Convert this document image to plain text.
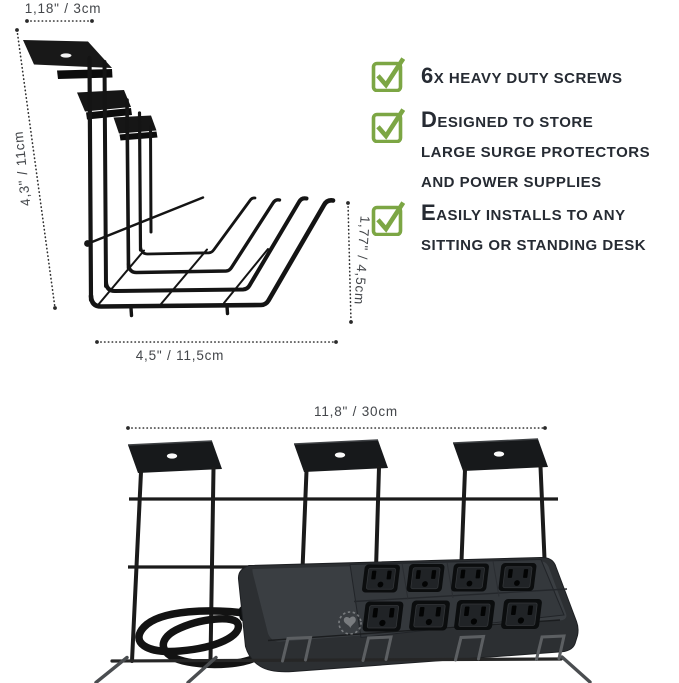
1,18" / 3cm
4,3" / 11cm
1,77" / 4,5cm
4,5" / 11,5cm
6X HEAVY DUTY SCREWS
DESIGNED TO STORE
LARGE SURGE PROTECTORS
AND POWER SUPPLIES
EASILY INSTALLS TO ANY
SITTING OR STANDING DESK
11,8" / 30cm
